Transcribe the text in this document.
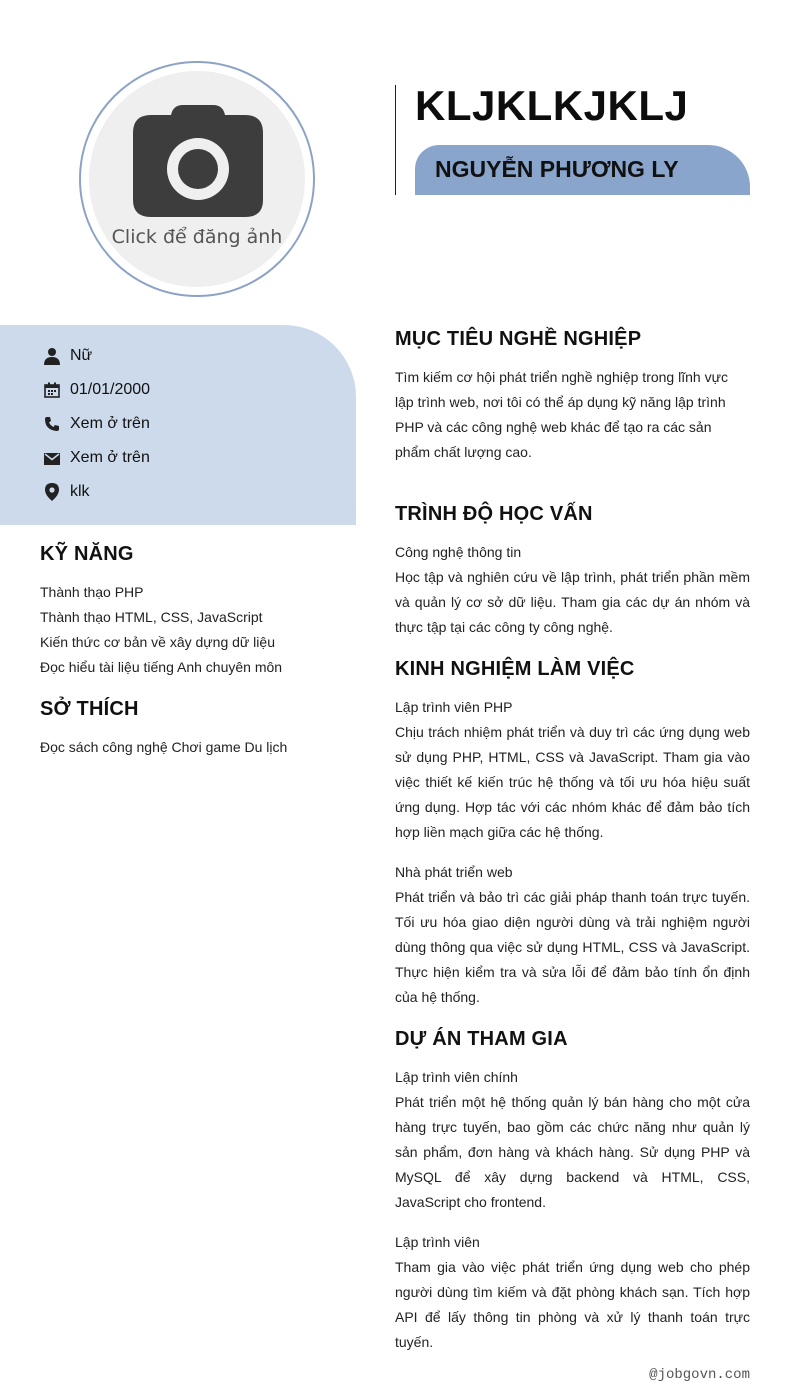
Click để đăng ảnh
KLJKLKJKLJ
NGUYỄN PHƯƠNG LY
Nữ
01/01/2000
Xem ở trên
Xem ở trên
klk
KỸ NĂNG
Thành thạo PHP
Thành thạo HTML, CSS, JavaScript
Kiến thức cơ bản về xây dựng dữ liệu
Đọc hiểu tài liệu tiếng Anh chuyên môn
SỞ THÍCH
Đọc sách công nghệ Chơi game Du lịch
MỤC TIÊU NGHỀ NGHIỆP

Tìm kiếm cơ hội phát triển nghề nghiệp trong lĩnh vực lập trình web, nơi tôi có thể áp dụng kỹ năng lập trình PHP và các công nghệ web khác để tạo ra các sản phẩm chất lượng cao.

TRÌNH ĐỘ HỌC VẤN

Công nghệ thông tin

Học tập và nghiên cứu về lập trình, phát triển phần mềm và quản lý cơ sở dữ liệu. Tham gia các dự án nhóm và thực tập tại các công ty công nghệ.

KINH NGHIỆM LÀM VIỆC

Lập trình viên PHP

Chịu trách nhiệm phát triển và duy trì các ứng dụng web sử dụng PHP, HTML, CSS và JavaScript. Tham gia vào việc thiết kế kiến trúc hệ thống và tối ưu hóa hiệu suất ứng dụng. Hợp tác với các nhóm khác để đảm bảo tích hợp liền mạch giữa các hệ thống.

Nhà phát triển web

Phát triển và bảo trì các giải pháp thanh toán trực tuyến. Tối ưu hóa giao diện người dùng và trải nghiệm người dùng thông qua việc sử dụng HTML, CSS và JavaScript. Thực hiện kiểm tra và sửa lỗi để đảm bảo tính ổn định của hệ thống.

DỰ ÁN THAM GIA

Lập trình viên chính

Phát triển một hệ thống quản lý bán hàng cho một cửa hàng trực tuyến, bao gồm các chức năng như quản lý sản phẩm, đơn hàng và khách hàng. Sử dụng PHP và MySQL để xây dựng backend và HTML, CSS, JavaScript cho frontend.

Lập trình viên

Tham gia vào việc phát triển ứng dụng web cho phép người dùng tìm kiếm và đặt phòng khách sạn. Tích hợp API để lấy thông tin phòng và xử lý thanh toán trực tuyến.

@jobgovn.com
